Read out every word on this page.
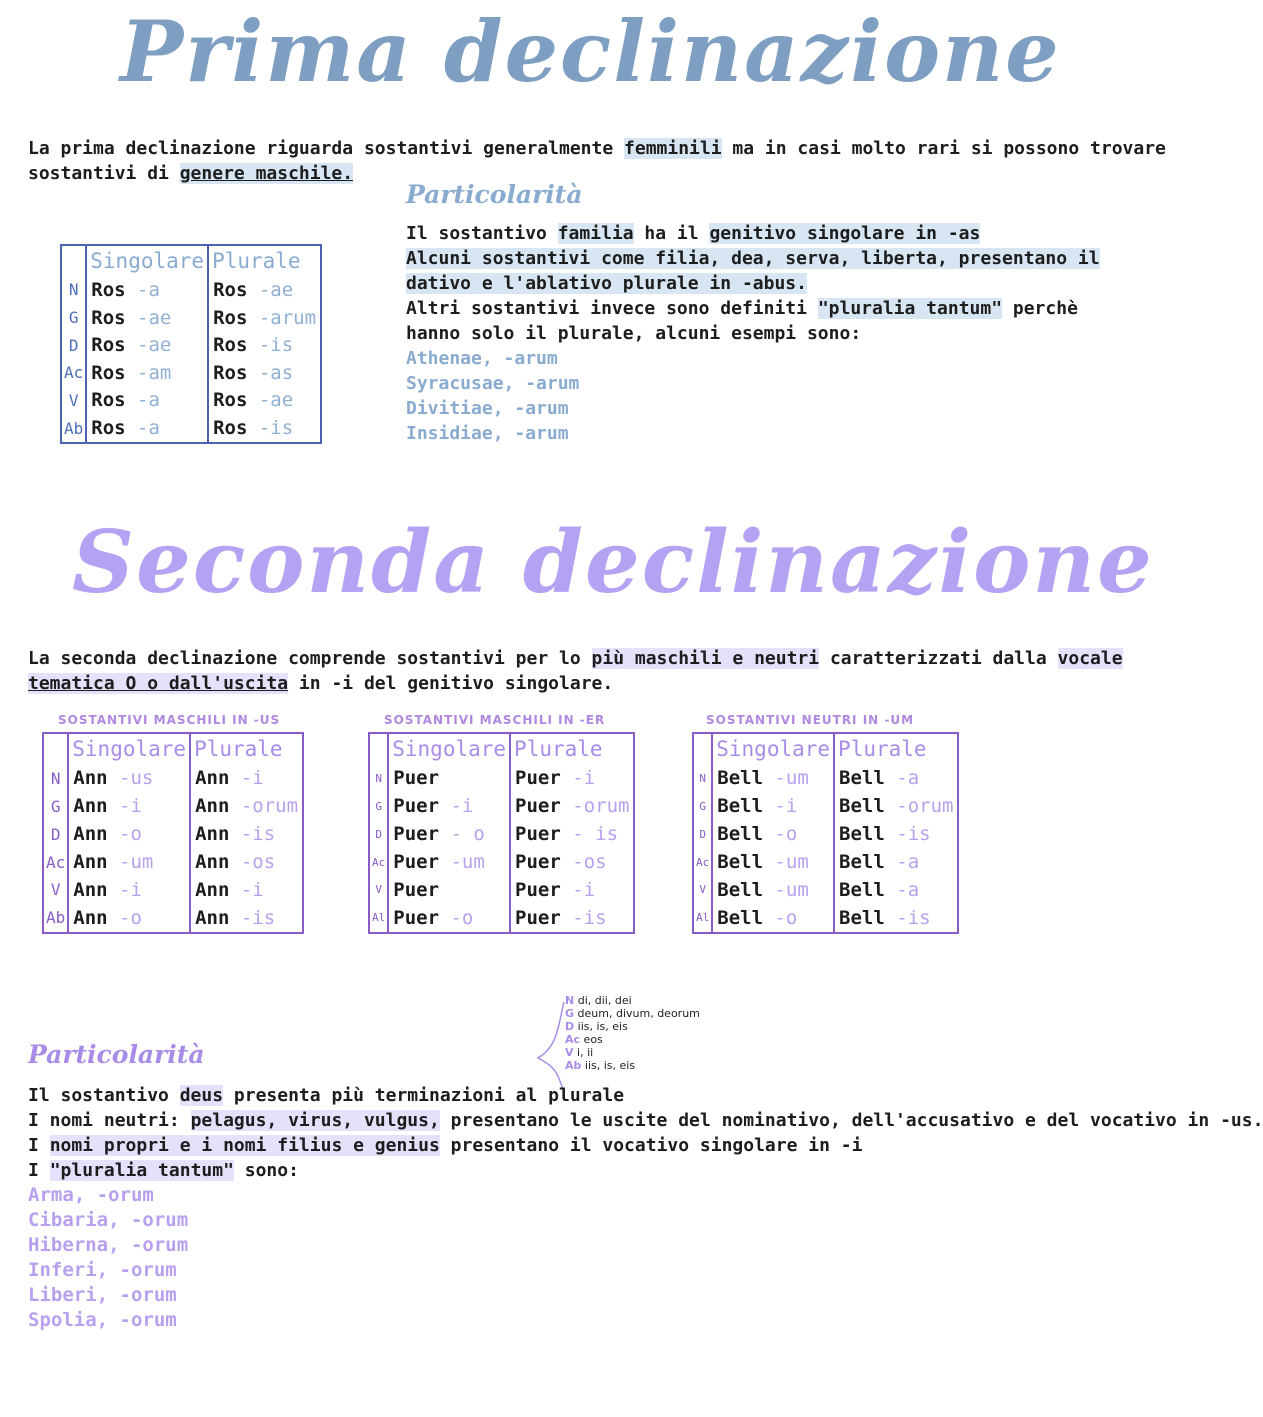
Prima declinazione
La prima declinazione riguarda sostantivi generalmente femminili ma in casi molto rari si possono trovare
sostantivi di genere maschile.
	Singolare	Plurale
N	Ros -a	Ros -ae
G	Ros -ae	Ros -arum
D	Ros -ae	Ros -is
Ac	Ros -am	Ros -as
V	Ros -a	Ros -ae
Ab	Ros -a	Ros -is
Particolarità
Il sostantivo familia ha il genitivo singolare in -as
Alcuni sostantivi come filia, dea, serva, liberta, presentano il
dativo e l'ablativo plurale in -abus.
Altri sostantivi invece sono definiti "pluralia tantum" perchè
hanno solo il plurale, alcuni esempi sono:
Athenae, -arum
Syracusae, -arum
Divitiae, -arum
Insidiae, -arum
Seconda declinazione
La seconda declinazione comprende sostantivi per lo più maschili e neutri caratterizzati dalla vocale
tematica O o dall'uscita in -i del genitivo singolare.
SOSTANTIVI MASCHILI IN -US
	Singolare	Plurale
N	Ann -us	Ann -i
G	Ann -i	Ann -orum
D	Ann -o	Ann -is
Ac	Ann -um	Ann -os
V	Ann -i	Ann -i
Ab	Ann -o	Ann -is
SOSTANTIVI MASCHILI IN -ER
	Singolare	Plurale
N	Puer	Puer -i
G	Puer -i	Puer -orum
D	Puer - o	Puer - is
Ac	Puer -um	Puer -os
V	Puer	Puer -i
Al	Puer -o	Puer -is
SOSTANTIVI NEUTRI IN -UM
	Singolare	Plurale
N	Bell -um	Bell -a
G	Bell -i	Bell -orum
D	Bell -o	Bell -is
Ac	Bell -um	Bell -a
V	Bell -um	Bell -a
Al	Bell -o	Bell -is
N di, dii, dei
G deum, divum, deorum
D iis, is, eis
Ac eos
V i, ii
Ab iis, is, eis
Particolarità
Il sostantivo deus presenta più terminazioni al plurale
I nomi neutri: pelagus, virus, vulgus, presentano le uscite del nominativo, dell'accusativo e del vocativo in -us.
I nomi propri e i nomi filius e genius presentano il vocativo singolare in -i
I "pluralia tantum" sono:
Arma, -orum
Cibaria, -orum
Hiberna, -orum
Inferi, -orum
Liberi, -orum
Spolia, -orum
